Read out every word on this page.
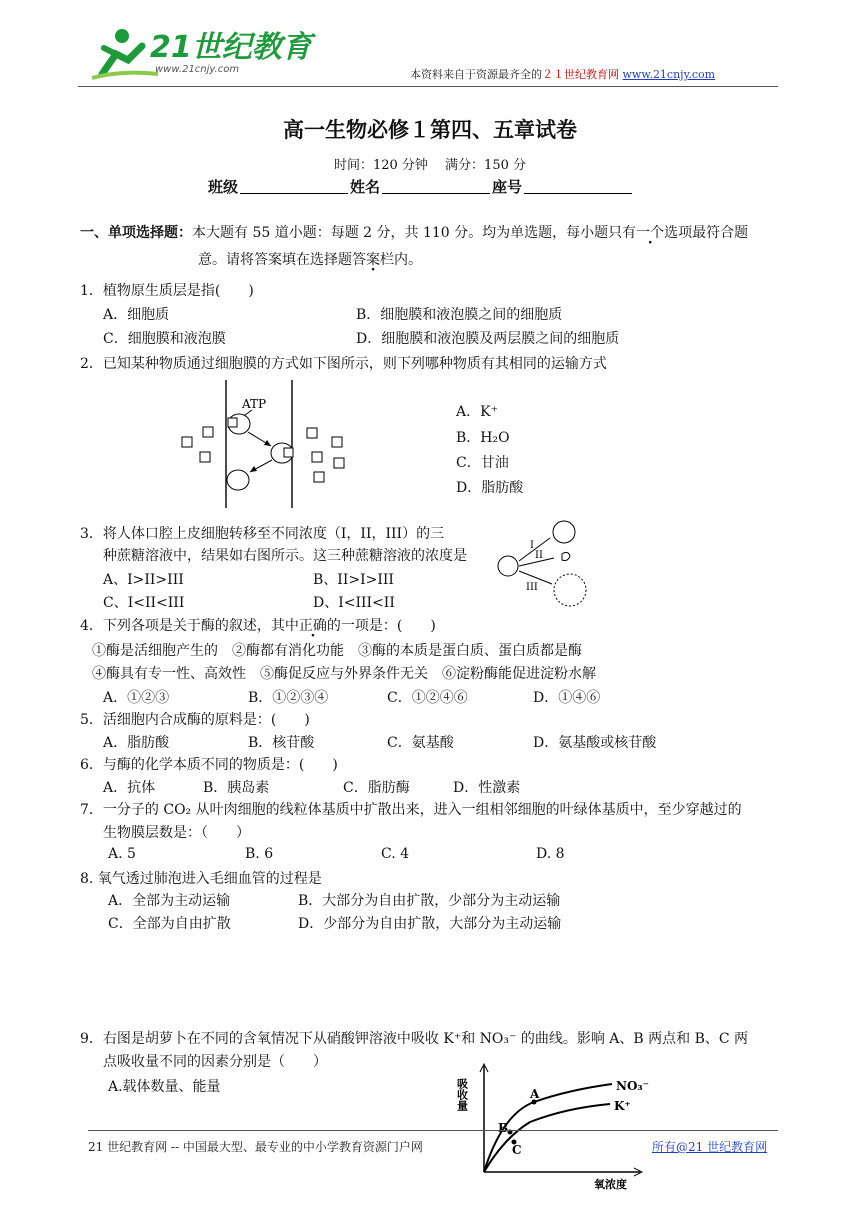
21世纪教育
www.21cnjy.com	本资料来自于资源最齐全的２１世纪教育网 www.21cnjy.com
高一生物必修１第四、五章试卷
时间：120 分钟　 满分：150 分
班级	姓名	座号
一、单项选择题：本大题有 55 道小题：每题 2 分，共 110 分。均为单选题，每小题只有一个选项最符合题
意。请将答案填在选择题答案栏内。
1．植物原生质层是指(　　)
A．细胞质	B．细胞膜和液泡膜之间的细胞质
C．细胞膜和液泡膜	D．细胞膜和液泡膜及两层膜之间的细胞质
2．已知某种物质通过细胞膜的方式如下图所示，则下列哪种物质有其相同的运输方式
ATP	A．K⁺
B．H₂O
C．甘油
D．脂肪酸
3．将人体口腔上皮细胞转移至不同浓度（I，II，III）的三
种蔗糖溶液中，结果如右图所示。这三种蔗糖溶液的浓度是
A、I>II>III	B、II>I>III
C、I<II<III	D、I<III<II
I
II
III
4．下列各项是关于酶的叙述，其中正确的一项是：(　　)
①酶是活细胞产生的　②酶都有消化功能　③酶的本质是蛋白质、蛋白质都是酶
④酶具有专一性、高效性　⑤酶促反应与外界条件无关　⑥淀粉酶能促进淀粉水解
A．①②③	B．①②③④	C．①②④⑥	D．①④⑥
5．活细胞内合成酶的原料是：(　　)
A．脂肪酸	B．核苷酸	C．氨基酸	D．氨基酸或核苷酸
6．与酶的化学本质不同的物质是：(　　)
A．抗体	B．胰岛素	C．脂肪酶	D．性激素
7．一分子的 CO₂ 从叶肉细胞的线粒体基质中扩散出来，进入一组相邻细胞的叶绿体基质中，至少穿越过的
生物膜层数是：（　　）
A. 5	B. 6	C. 4	D. 8
8. 氧气透过肺泡进入毛细血管的过程是
A．全部为主动运输	B．大部分为自由扩散，少部分为主动运输
C．全部为自由扩散	D．少部分为自由扩散，大部分为主动运输
9．右图是胡萝卜在不同的含氧情况下从硝酸钾溶液中吸收 K⁺和 NO₃⁻ 的曲线。影响 A、B 两点和 B、C 两
点吸收量不同的因素分别是（　　）
A.载体数量、能量	吸收量
氧浓度
A
B
C
NO₃⁻
K⁺
21 世纪教育网 -- 中国最大型、最专业的中小学教育资源门户网	所有@21 世纪教育网
